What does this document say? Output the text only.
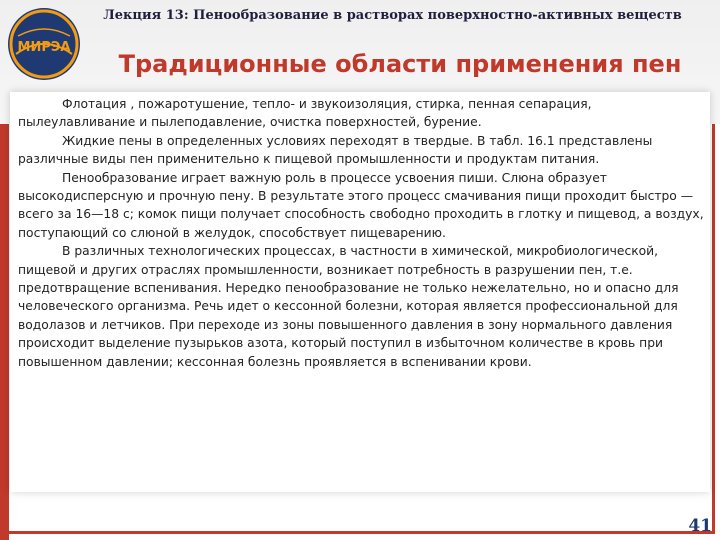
Лекция 13: Пенообразование в растворах поверхностно-активных веществ
МИРЭА
Традиционные области применения пен

Флотация , пожаротушение, тепло- и звукоизоляция, стирка, пенная сепарация, пылеулавливание и пылеподавление, очистка поверхностей, бурение.

Жидкие пены в определенных условиях переходят в твердые. В табл. 16.1 представлены различные виды пен применительно к пищевой промышленности и продуктам питания.

Пенообразование играет важную роль в процессе усвоения пиши. Слюна образует высокодисперсную и прочную пену. В результате этого процесс смачивания пищи проходит быстро — всего за 16—18 с; комок пищи получает способность свободно проходить в глотку и пищевод, а воздух, поступающий со слюной в желудок, способствует пищеварению.

В различных технологических процессах, в частности в химической, микробиологической, пищевой и других отраслях промышленности, возникает потребность в разрушении пен, т.е. предотвращение вспенивания. Нередко пенообразование не только нежелательно, но и опасно для человеческого организма. Речь идет о кессонной болезни, которая является профессиональной для водолазов и летчиков. При переходе из зоны повышенного давления в зону нормального давления происходит выделение пузырьков азота, который поступил в избыточном количестве в кровь при повышенном давлении; кессонная болезнь проявляется в вспенивании крови.

41
